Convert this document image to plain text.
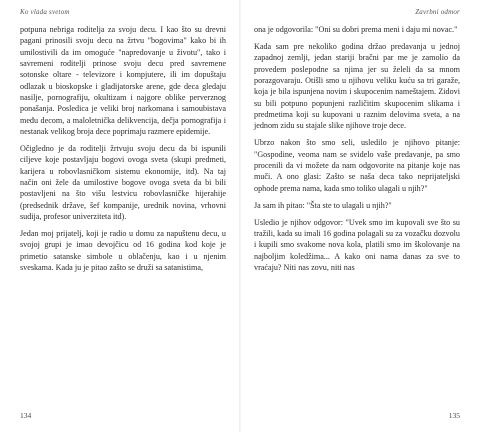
Ko vlada svetom

potpuna nebriga roditelja za svoju decu. I kao što su drevni pagani prinosili svoju decu na žrtvu "bogovima" kako bi ih umilostivili da im omoguće "napredovanje u životu", tako i savremeni roditelji prinose svoju decu pred savremene sotonske oltare - televizore i kompjutere, ili im dopuštaju odlazak u bioskopske i gladijatorske arene, gde deca gledaju nasilje, pornografiju, okultizam i najgore oblike perverznog ponašanja. Posledica je veliki broj narkomana i samoubistava među decom, a maloletnička delikvencija, dečja pornografija i nestanak velikog broja dece poprimaju razmere epidemije.

Očigledno je da roditelji žrtvuju svoju decu da bi ispunili ciljeve koje postavljaju bogovi ovoga sveta (skupi predmeti, karijera u robovlasničkom sistemu ekonomije, itd). Na taj način oni žele da umilostive bogove ovoga sveta da bi bili postavljeni na što višu lestvicu robovlasničke hijerahije (predsednik države, šef kompanije, urednik novina, vrhovni sudija, profesor univerziteta itd).

Jedan moj prijatelj, koji je radio u domu za napuštenu decu, u svojoj grupi je imao devojčicu od 16 godina kod koje je primetio satanske simbole u oblačenju, kao i u njenim sveskama. Kada ju je pitao zašto se druži sa satanistima,

134
Zavrbni odmor

ona je odgovorila: "Oni su dobri prema meni i daju mi novac."

Kada sam pre nekoliko godina držao predavanja u jednoj zapadnoj zemlji, jedan stariji bračni par me je zamolio da provedem poslepodne sa njima jer su želeli da sa mnom porazgovaraju. Otišli smo u njihovu veliku kuću sa tri garaže, koja je bila ispunjena novim i skupocenim nameštajem. Zidovi su bili potpuno popunjeni različitim skupocenim slikama i predmetima koji su kupovani u raznim delovima sveta, a na jednom zidu su stajale slike njihove troje dece.

Ubrzo nakon što smo seli, usledilo je njihovo pitanje: "Gospodine, veoma nam se svidelo vaše predavanje, pa smo procenili da vi možete da nam odgovorite na pitanje koje nas muči. A ono glasi: Zašto se naša deca tako neprijateljski ophode prema nama, kada smo toliko ulagali u njih?"

Ja sam ih pitao: "Šta ste to ulagali u njih?"

Usledio je njihov odgovor: "Uvek smo im kupovali sve što su tražili, kada su imali 16 godina polagali su za vozačku dozvolu i kupili smo svakome nova kola, platili smo im školovanje na najboljim koledžima... A kako oni nama danas za sve to vraćaju? Niti nas zovu, niti nas

135
